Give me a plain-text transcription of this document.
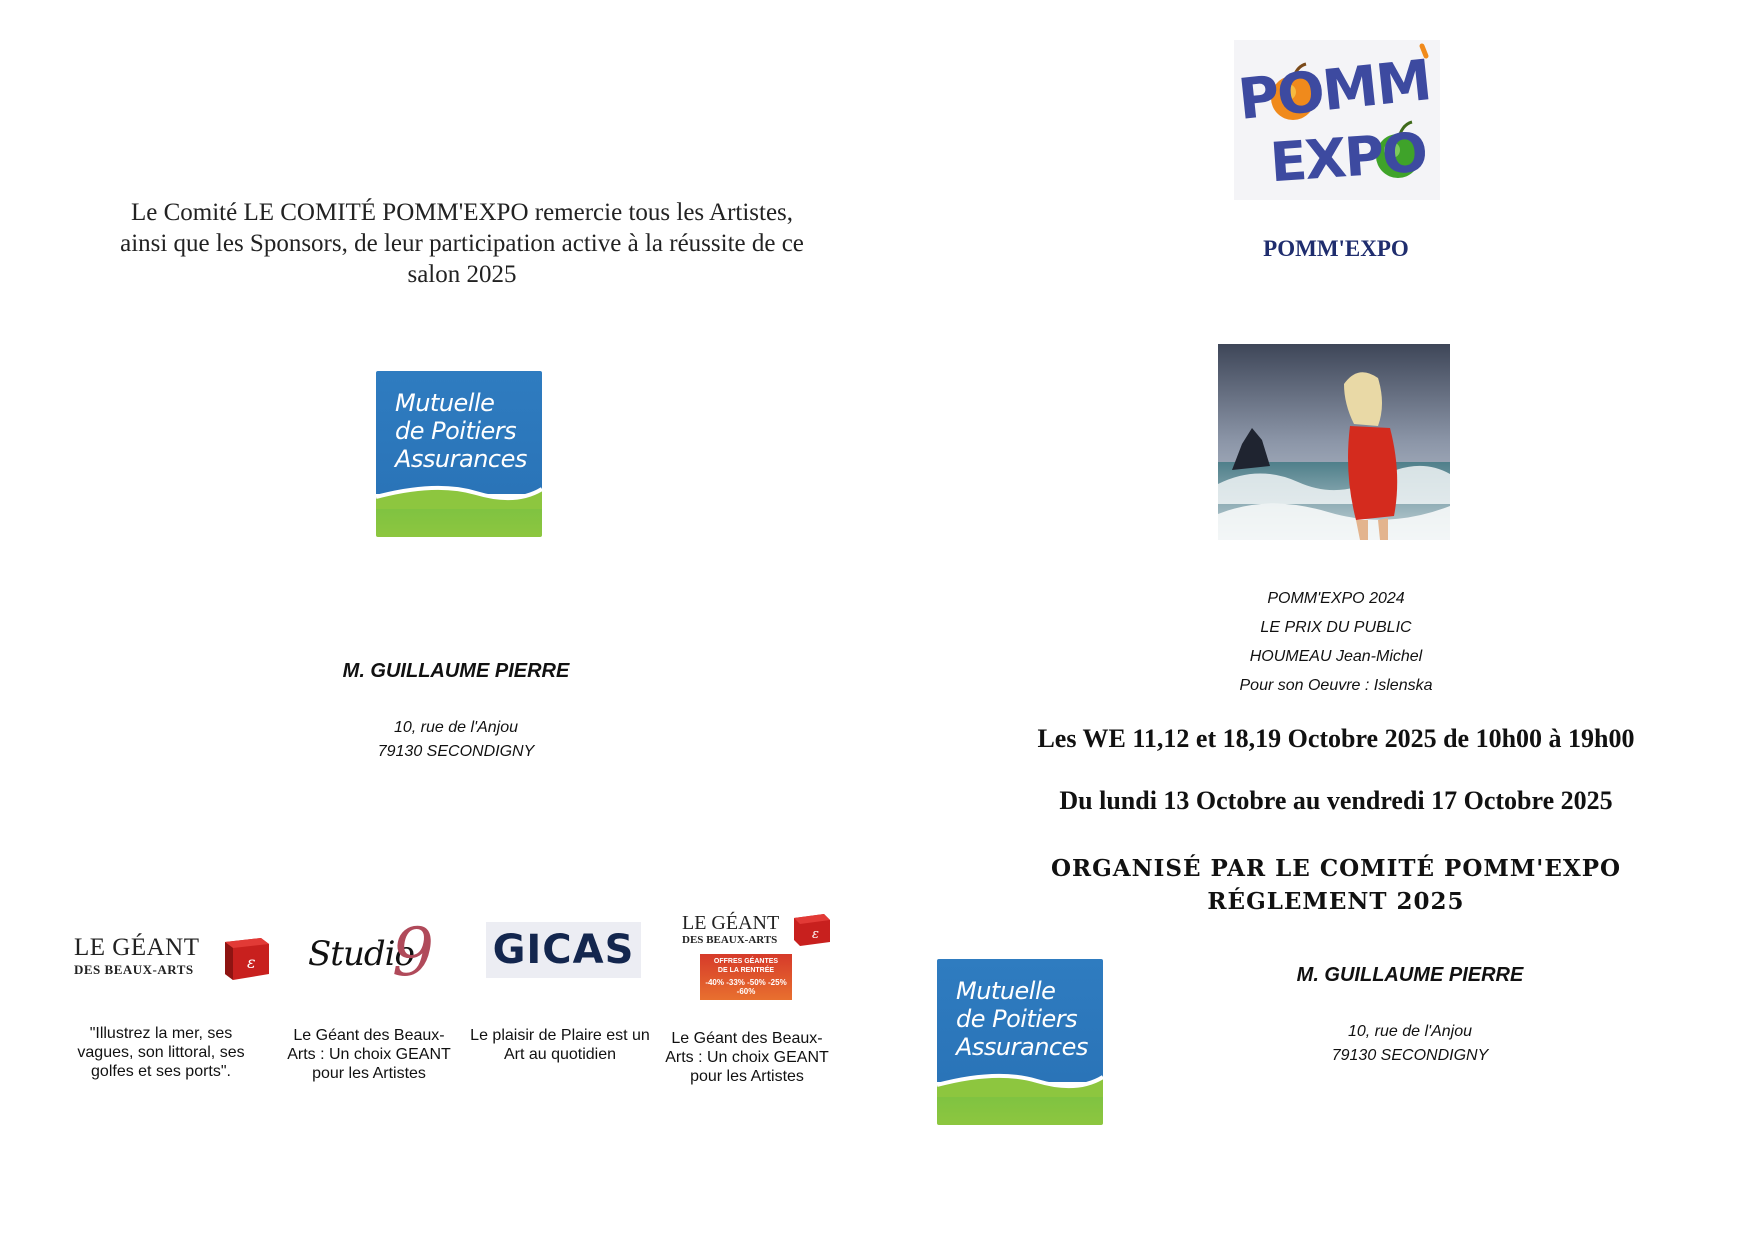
Le Comité LE COMITÉ POMM'EXPO remercie tous les Artistes, ainsi que les Sponsors, de leur participation active à la réussite de ce salon 2025
Mutuelle
de Poitiers
Assurances
M. GUILLAUME PIERRE
10, rue de l'Anjou
79130 SECONDIGNY
LE GÉANT
DES BEAUX-ARTS	ε
"Illustrez la mer, ses vagues, son littoral, ses golfes et ses ports".
Studio
9
Le Géant des Beaux-Arts : Un choix GEANT pour les Artistes
GICAS
Le plaisir de Plaire est un Art au quotidien
LE GÉANT
DES BEAUX-ARTS	ε
OFFRES GÉANTES
DE LA RENTRÉE
-40% -33% -50% -25% -60%
Le Géant des Beaux-Arts : Un choix GEANT pour les Artistes
POMM
EXPO
POMM'EXPO
POMM'EXPO 2024
LE PRIX DU PUBLIC
HOUMEAU Jean-Michel
Pour son Oeuvre : Islenska
Les WE 11,12 et 18,19 Octobre 2025 de 10h00 à 19h00
Du lundi 13 Octobre au vendredi 17 Octobre 2025
ORGANISÉ PAR LE COMITÉ POMM'EXPO
RÉGLEMENT 2025
Mutuelle
de Poitiers
Assurances
M. GUILLAUME PIERRE
10, rue de l'Anjou
79130 SECONDIGNY
